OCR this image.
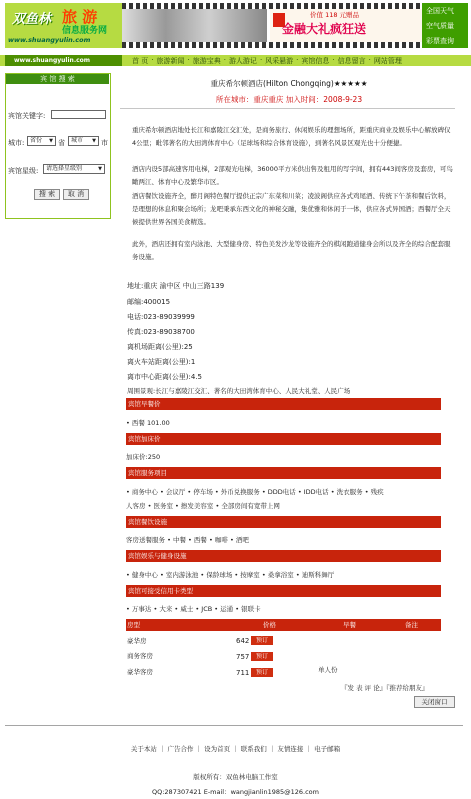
双鱼林 旅 游
信息服务网
www.shuangyulin.com
价值 118 元赠品
金融大礼疯狂送
全国天气
空气质量
彩票查询
www.shuangyulin.com	首 页 · 旅游新闻 · 旅游宝典 · 游人游记 · 风采悬游 · 宾馆信息 · 信息留言 · 网站管理
宾 馆 搜 索
宾馆关键字:
城市: 省份 ▼ 省	城市 ▼ 市
宾馆星级:	请选择星级别	▼
搜 索	取 消
重庆希尔顿酒店(Hilton Chongqing)★★★★★
所在城市：重庆重庆 加入时间：2008-9-23
重庆希尔顿酒店地处长江和嘉陵江交汇处，是商务旅行、休闲娱乐的理想场所，距重庆商业及娱乐中心解放碑仅4公里；毗邻著名的大田湾体育中心（足球场和综合体育设施），到著名风景区观光也十分便捷。
酒店内设5部高速客用电梯，2部观光电梯，36000平方米供出售及租用的写字间，拥有443间客房及套房，可鸟瞰两江、体育中心及繁华市区。
酒店餐饮设施齐全，醉月阁特色餐厅提供正宗广东菜和川菜；凌波阁供应各式鸡尾酒、传统下午茶和餐后饮料，是理想的休息和聚会场所；龙吧秉承东西文化的神秘交融，集优雅和休闲于一体，供应各式异国酒；西餐厅全天候提供世界各国美食精选。
此外，酒店还拥有室内泳池、大型健身房、特色美发沙龙等设施齐全的棋闲跑道健身会所以及齐全的综合配套服务设施。
地址:重庆 渝中区 中山三路139
邮编:400015
电话:023-89039999
传真:023-89038700
离机场距离(公里):25
离火车站距离(公里):1
离市中心距离(公里):4.5
周围景观:长江与嘉陵江交汇、著名的大田湾体育中心、人民大礼堂、人民广场
宾馆早餐价
• 西餐 101.00
宾馆加床价
加床价:250
宾馆服务项目
• 商务中心 • 会议厅 • 停车场 • 外币兑换服务 • DDD电话 • IDD电话 • 洗衣服务 • 残疾
人客房 • 医务室 • 擦发美容室 • 全部房间有宽带上网
宾馆餐饮设施
客房送餐服务 • 中餐 • 西餐 • 咖啡 • 酒吧
宾馆娱乐与健身设施
• 健身中心 • 室内游泳池 • 保龄球场 • 按摩室 • 桑拿浴室 • 迪斯科舞厅
宾馆可接受信用卡类型
• 万事达 • 大来 • 威士 • JCB • 运通 • 银联卡
房型	价格	早餐	备注
豪华房	642	预订
商务客房	757	预订
豪华客房	711	预订	单人份
『发 表 评 论』『推荐给朋友』
关闭窗口
关于本站 ｜ 广告合作 ｜ 设为首页 ｜ 联系我们 ｜ 友情连接 ｜ 电子邮箱
版权所有：双鱼林电脑工作室
QQ:287307421 E-mail：wangjianlin1985@126.com
